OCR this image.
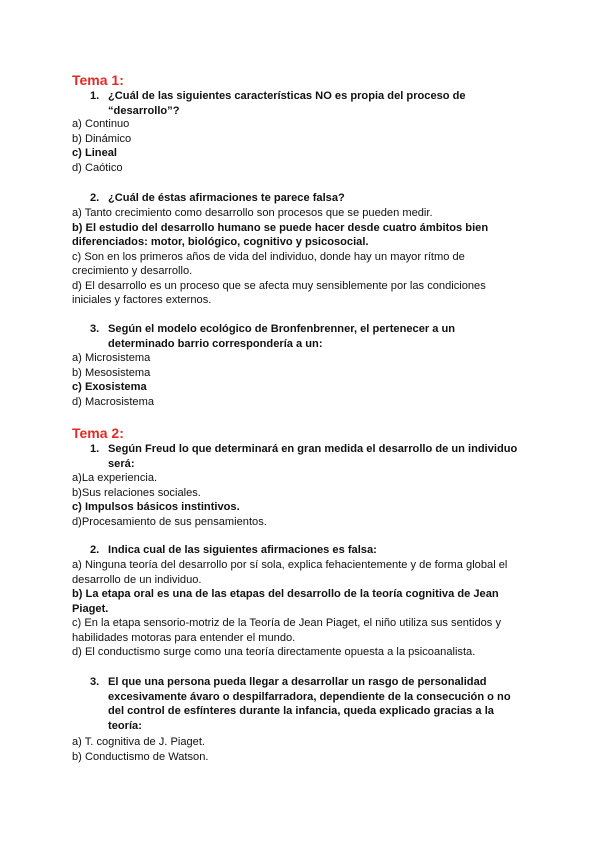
Tema 1:
1. ¿Cuál de las siguientes características NO es propia del proceso de “desarrollo”?
a) Continuo
b) Dinámico
c) Lineal
d) Caótico
2. ¿Cuál de éstas afirmaciones te parece falsa?
a) Tanto crecimiento como desarrollo son procesos que se pueden medir.
b) El estudio del desarrollo humano se puede hacer desde cuatro ámbitos bien diferenciados: motor, biológico, cognitivo y psicosocial.
c) Son en los primeros años de vida del individuo, donde hay un mayor rítmo de crecimiento y desarrollo.
d) El desarrollo es un proceso que se afecta muy sensiblemente por las condiciones iniciales y factores externos.
3. Según el modelo ecológico de Bronfenbrenner, el pertenecer a un determinado barrio correspondería a un:
a) Microsistema
b) Mesosistema
c) Exosistema
d) Macrosistema
Tema 2:
1. Según Freud lo que determinará en gran medida el desarrollo de un individuo será:
a)La experiencia.
b)Sus relaciones sociales.
c) Impulsos básicos instintivos.
d)Procesamiento de sus pensamientos.
2. Indica cual de las siguientes afirmaciones es falsa:
a) Ninguna teoría del desarrollo por sí sola, explica fehacientemente y de forma global el desarrollo de un individuo.
b) La etapa oral es una de las etapas del desarrollo de la teoría cognitiva de Jean Piaget.
c) En la etapa sensorio-motriz de la Teoría de Jean Piaget, el niño utiliza sus sentidos y habilidades motoras para entender el mundo.
d) El conductismo surge como una teoría directamente opuesta a la psicoanalista.
3. El que una persona pueda llegar a desarrollar un rasgo de personalidad excesivamente ávaro o despilfarradora, dependiente de la consecución o no del control de esfínteres durante la infancia, queda explicado gracias a la teoría:
a) T. cognitiva de J. Piaget.
b) Conductismo de Watson.
